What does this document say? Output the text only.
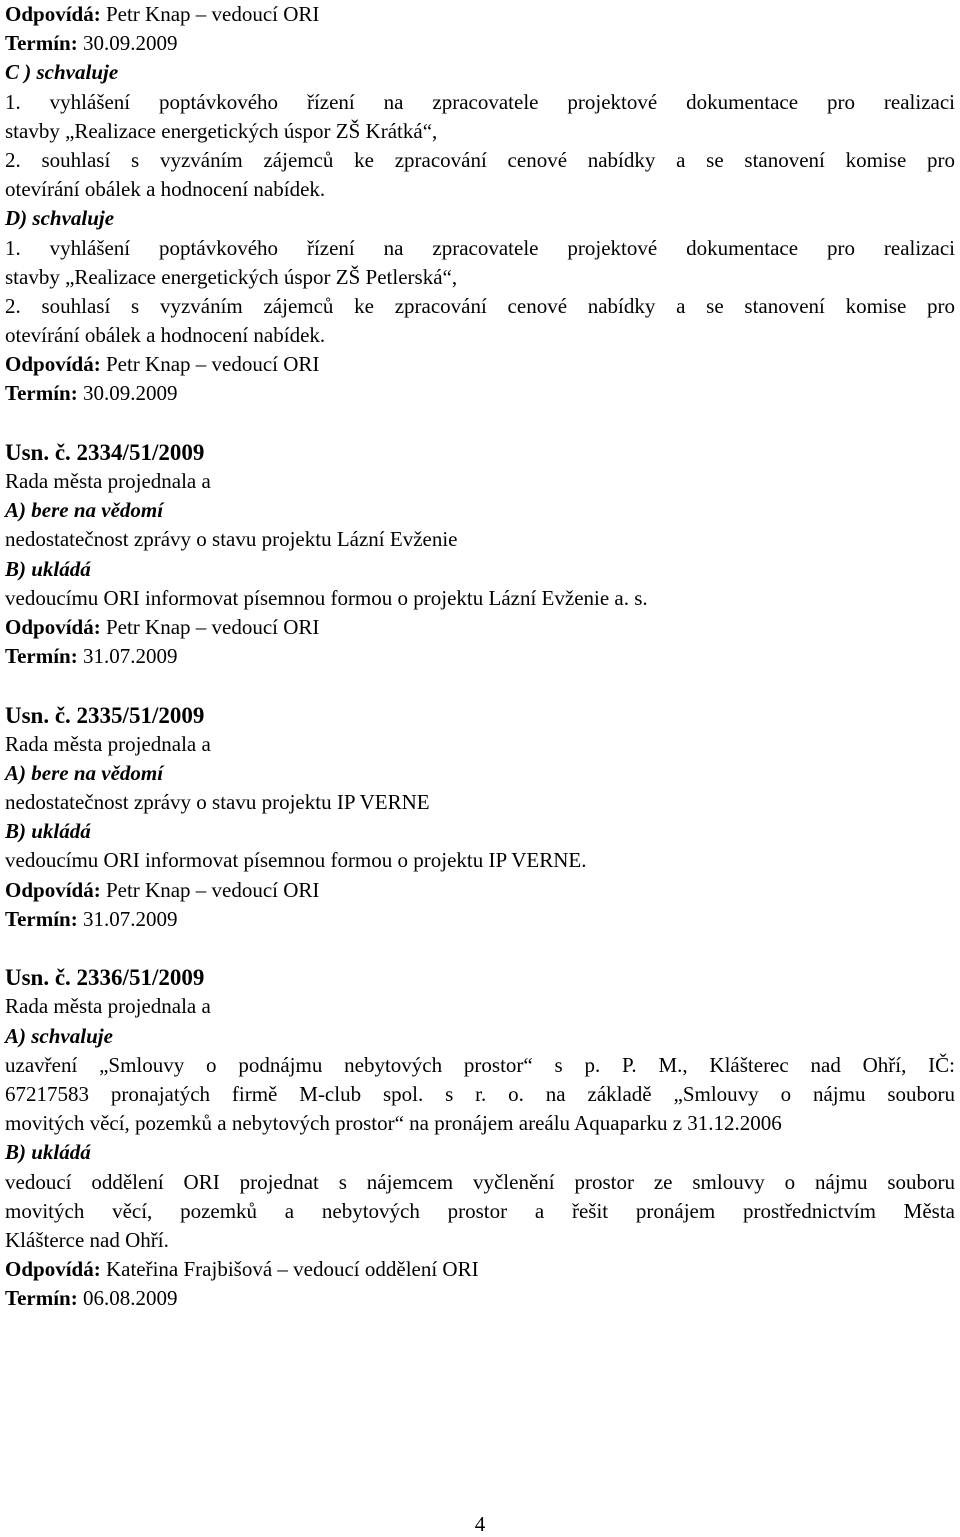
Odpovídá: Petr Knap – vedoucí ORI
Termín: 30.09.2009
C ) schvaluje
1. vyhlášení poptávkového řízení na zpracovatele projektové dokumentace pro realizaci
stavby „Realizace energetických úspor ZŠ Krátká“,
2. souhlasí s vyzváním zájemců ke zpracování cenové nabídky a se stanovení komise pro
otevírání obálek a hodnocení nabídek.
D) schvaluje
1. vyhlášení poptávkového řízení na zpracovatele projektové dokumentace pro realizaci
stavby „Realizace energetických úspor ZŠ Petlerská“,
2. souhlasí s vyzváním zájemců ke zpracování cenové nabídky a se stanovení komise pro
otevírání obálek a hodnocení nabídek.
Odpovídá: Petr Knap – vedoucí ORI
Termín: 30.09.2009
Usn. č. 2334/51/2009
Rada města projednala a
A) bere na vědomí
nedostatečnost zprávy o stavu projektu Lázní Evženie
B) ukládá
vedoucímu ORI informovat písemnou formou o projektu Lázní Evženie a. s.
Odpovídá: Petr Knap – vedoucí ORI
Termín: 31.07.2009
Usn. č. 2335/51/2009
Rada města projednala a
A) bere na vědomí
nedostatečnost zprávy o stavu projektu IP VERNE
B) ukládá
vedoucímu ORI informovat písemnou formou o projektu IP VERNE.
Odpovídá: Petr Knap – vedoucí ORI
Termín: 31.07.2009
Usn. č. 2336/51/2009
Rada města projednala a
A) schvaluje
uzavření „Smlouvy o podnájmu nebytových prostor“ s p. P. M., Klášterec nad Ohří, IČ:
67217583 pronajatých firmě M-club spol. s r. o. na základě „Smlouvy o nájmu souboru
movitých věcí, pozemků a nebytových prostor“ na pronájem areálu Aquaparku z 31.12.2006
B) ukládá
vedoucí oddělení ORI projednat s nájemcem vyčlenění prostor ze smlouvy o nájmu souboru
movitých věcí, pozemků a nebytových prostor a řešit pronájem prostřednictvím Města
Klášterce nad Ohří.
Odpovídá: Kateřina Frajbišová – vedoucí oddělení ORI
Termín: 06.08.2009
4
